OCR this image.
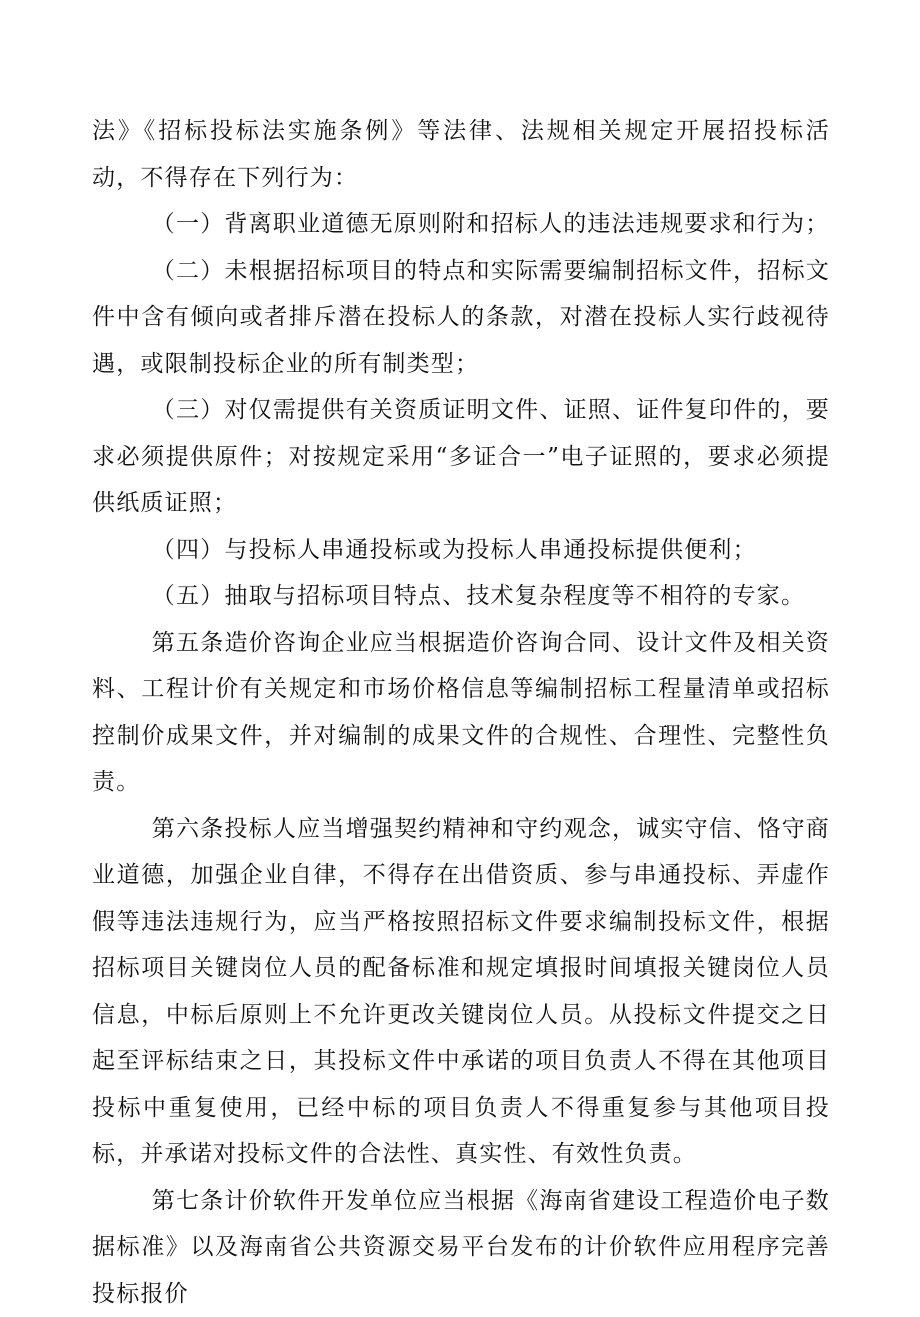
法》《招标投标法实施条例》等法律、法规相关规定开展招投标活动，不得存在下列行为：

（一）背离职业道德无原则附和招标人的违法违规要求和行为；

（二）未根据招标项目的特点和实际需要编制招标文件，招标文件中含有倾向或者排斥潜在投标人的条款，对潜在投标人实行歧视待遇，或限制投标企业的所有制类型；

（三）对仅需提供有关资质证明文件、证照、证件复印件的，要求必须提供原件；对按规定采用“多证合一”电子证照的，要求必须提供纸质证照；

（四）与投标人串通投标或为投标人串通投标提供便利；

（五）抽取与招标项目特点、技术复杂程度等不相符的专家。

第五条造价咨询企业应当根据造价咨询合同、设计文件及相关资料、工程计价有关规定和市场价格信息等编制招标工程量清单或招标控制价成果文件，并对编制的成果文件的合规性、合理性、完整性负责。

第六条投标人应当增强契约精神和守约观念，诚实守信、恪守商业道德，加强企业自律，不得存在出借资质、参与串通投标、弄虚作假等违法违规行为，应当严格按照招标文件要求编制投标文件，根据招标项目关键岗位人员的配备标准和规定填报时间填报关键岗位人员信息，中标后原则上不允许更改关键岗位人员。从投标文件提交之日起至评标结束之日，其投标文件中承诺的项目负责人不得在其他项目投标中重复使用，已经中标的项目负责人不得重复参与其他项目投标，并承诺对投标文件的合法性、真实性、有效性负责。

第七条计价软件开发单位应当根据《海南省建设工程造价电子数据标准》以及海南省公共资源交易平台发布的计价软件应用程序完善投标报价
